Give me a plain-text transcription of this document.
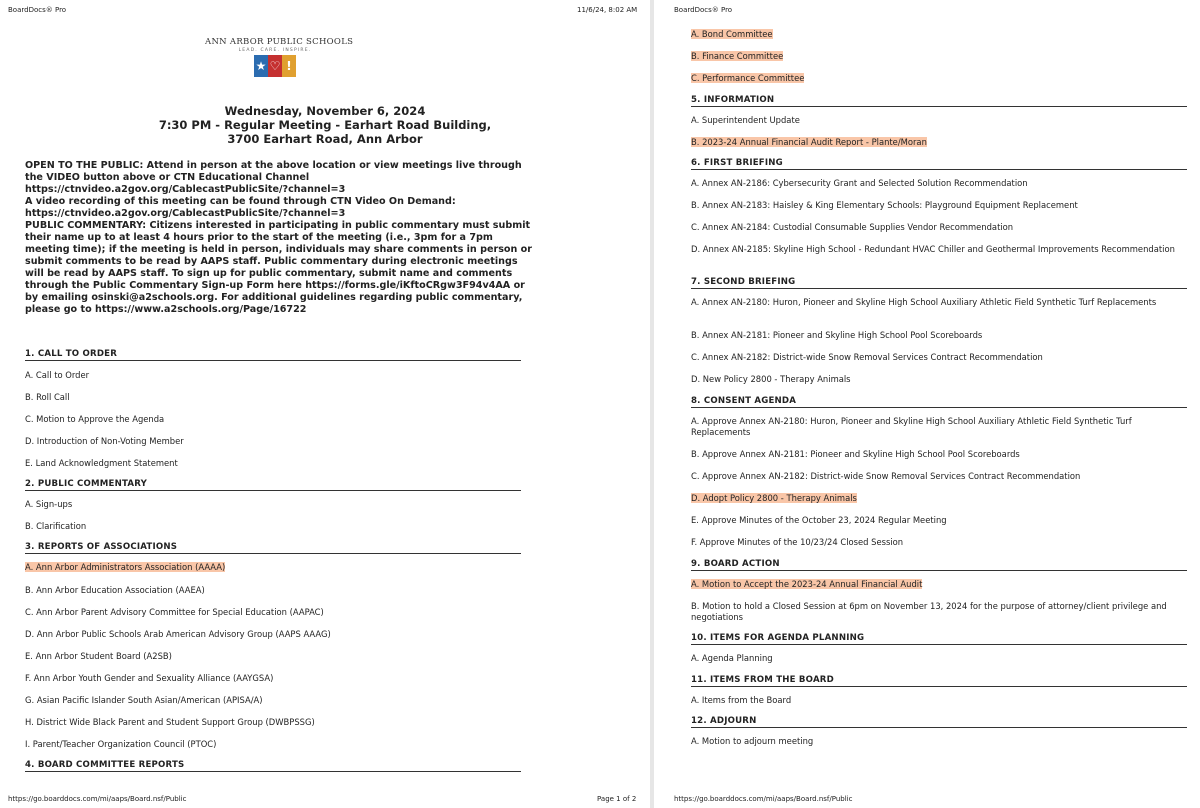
BoardDocs® Pro	11/6/24, 8:02 AM
ANN ARBOR PUBLIC SCHOOLS
LEAD. CARE. INSPIRE.
★ ♡ !
Wednesday, November 6, 2024
7:30 PM - Regular Meeting - Earhart Road Building, 3700 Earhart Road, Ann Arbor

OPEN TO THE PUBLIC: Attend in person at the above location or view meetings live through the VIDEO button above or CTN Educational Channel https://ctnvideo.a2gov.org/CablecastPublicSite/?channel=3

A video recording of this meeting can be found through CTN Video On Demand: https://ctnvideo.a2gov.org/CablecastPublicSite/?channel=3

PUBLIC COMMENTARY: Citizens interested in participating in public commentary must submit their name up to at least 4 hours prior to the start of the meeting (i.e., 3pm for a 7pm meeting time); if the meeting is held in person, individuals may share comments in person or submit comments to be read by AAPS staff. Public commentary during electronic meetings will be read by AAPS staff. To sign up for public commentary, submit name and comments through the Public Commentary Sign-up Form here https://forms.gle/iKftoCRgw3F94v4AA or by emailing osinski@a2schools.org. For additional guidelines regarding public commentary, please go to https://www.a2schools.org/Page/16722

1. CALL TO ORDER
A. Call to Order
B. Roll Call
C. Motion to Approve the Agenda
D. Introduction of Non-Voting Member
E. Land Acknowledgment Statement
2. PUBLIC COMMENTARY
A. Sign-ups
B. Clarification
3. REPORTS OF ASSOCIATIONS
A. Ann Arbor Administrators Association (AAAA)
B. Ann Arbor Education Association (AAEA)
C. Ann Arbor Parent Advisory Committee for Special Education (AAPAC)
D. Ann Arbor Public Schools Arab American Advisory Group (AAPS AAAG)
E. Ann Arbor Student Board (A2SB)
F. Ann Arbor Youth Gender and Sexuality Alliance (AAYGSA)
G. Asian Pacific Islander South Asian/American (APISA/A)
H. District Wide Black Parent and Student Support Group (DWBPSSG)
I. Parent/Teacher Organization Council (PTOC)
4. BOARD COMMITTEE REPORTS
https://go.boarddocs.com/mi/aaps/Board.nsf/Public	Page 1 of 2
BoardDocs® Pro
A. Bond Committee
B. Finance Committee
C. Performance Committee
5. INFORMATION
A. Superintendent Update
B. 2023-24 Annual Financial Audit Report - Plante/Moran
6. FIRST BRIEFING
A. Annex AN-2186: Cybersecurity Grant and Selected Solution Recommendation
B. Annex AN-2183: Haisley & King Elementary Schools: Playground Equipment Replacement
C. Annex AN-2184: Custodial Consumable Supplies Vendor Recommendation
D. Annex AN-2185: Skyline High School - Redundant HVAC Chiller and Geothermal Improvements Recommendation
7. SECOND BRIEFING
A. Annex AN-2180: Huron, Pioneer and Skyline High School Auxiliary Athletic Field Synthetic Turf Replacements
B. Annex AN-2181: Pioneer and Skyline High School Pool Scoreboards
C. Annex AN-2182: District-wide Snow Removal Services Contract Recommendation
D. New Policy 2800 - Therapy Animals
8. CONSENT AGENDA
A. Approve Annex AN-2180: Huron, Pioneer and Skyline High School Auxiliary Athletic Field Synthetic Turf Replacements
B. Approve Annex AN-2181: Pioneer and Skyline High School Pool Scoreboards
C. Approve Annex AN-2182: District-wide Snow Removal Services Contract Recommendation
D. Adopt Policy 2800 - Therapy Animals
E. Approve Minutes of the October 23, 2024 Regular Meeting
F. Approve Minutes of the 10/23/24 Closed Session
9. BOARD ACTION
A. Motion to Accept the 2023-24 Annual Financial Audit
B. Motion to hold a Closed Session at 6pm on November 13, 2024 for the purpose of attorney/client privilege and negotiations
10. ITEMS FOR AGENDA PLANNING
A. Agenda Planning
11. ITEMS FROM THE BOARD
A. Items from the Board
12. ADJOURN
A. Motion to adjourn meeting
https://go.boarddocs.com/mi/aaps/Board.nsf/Public
